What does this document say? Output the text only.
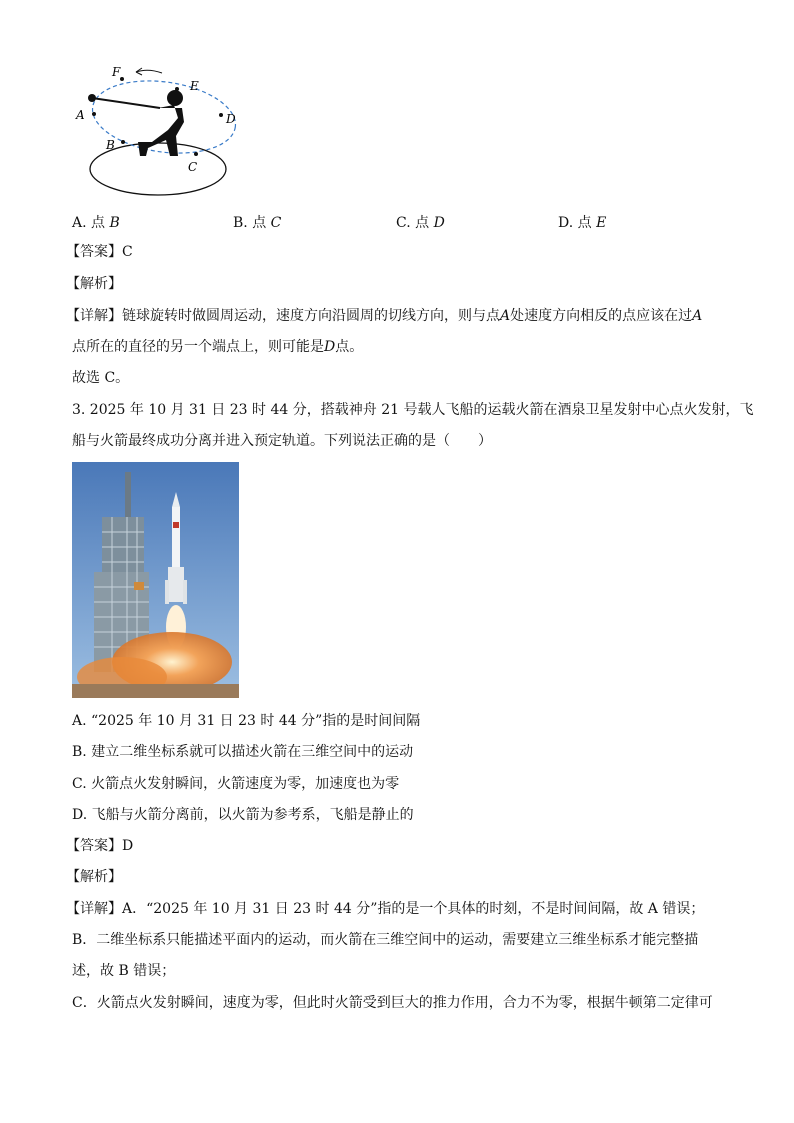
F
E
D
C
B
A
A. 点 B	B. 点 C	C. 点 D	D. 点 E
【答案】C
【解析】
【详解】链球旋转时做圆周运动，速度方向沿圆周的切线方向，则与点A处速度方向相反的点应该在过A
点所在的直径的另一个端点上，则可能是D点。
故选 C。
3. 2025 年 10 月 31 日 23 时 44 分，搭载神舟 21 号载人飞船的运载火箭在酒泉卫星发射中心点火发射，飞
船与火箭最终成功分离并进入预定轨道。下列说法正确的是（　　）
A. “2025 年 10 月 31 日 23 时 44 分”指的是时间间隔
B. 建立二维坐标系就可以描述火箭在三维空间中的运动
C. 火箭点火发射瞬间，火箭速度为零，加速度也为零
D. 飞船与火箭分离前，以火箭为参考系，飞船是静止的
【答案】D
【解析】
【详解】A．“2025 年 10 月 31 日 23 时 44 分”指的是一个具体的时刻，不是时间间隔，故 A 错误；
B．二维坐标系只能描述平面内的运动，而火箭在三维空间中的运动，需要建立三维坐标系才能完整描
述，故 B 错误；
C．火箭点火发射瞬间，速度为零，但此时火箭受到巨大的推力作用，合力不为零，根据牛顿第二定律可
